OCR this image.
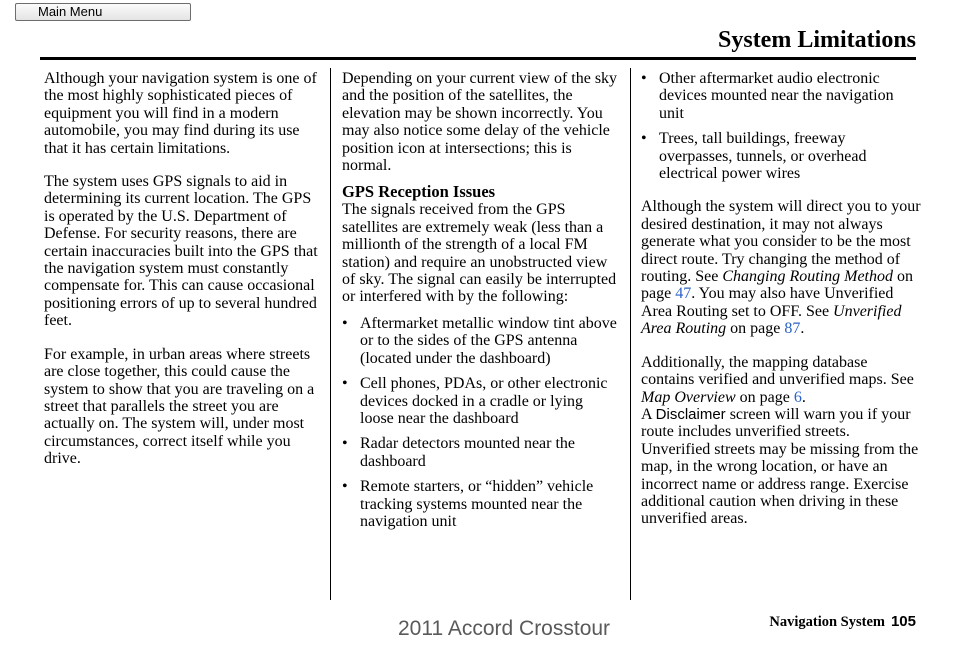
Main Menu
System Limitations

Although your navigation system is one of the most highly sophisticated pieces of equipment you will find in a modern automobile, you may find during its use that it has certain limitations.

The system uses GPS signals to aid in determining its current location. The GPS is operated by the U.S. Department of Defense. For security reasons, there are certain inaccuracies built into the GPS that the navigation system must constantly compensate for. This can cause occasional positioning errors of up to several hundred feet.

For example, in urban areas where streets are close together, this could cause the system to show that you are traveling on a street that parallels the street you are actually on. The system will, under most circumstances, correct itself while you drive.

Depending on your current view of the sky and the position of the satellites, the elevation may be shown incorrectly. You may also notice some delay of the vehicle position icon at intersections; this is normal.

GPS Reception Issues

The signals received from the GPS satellites are extremely weak (less than a millionth of the strength of a local FM station) and require an unobstructed view of sky. The signal can easily be interrupted or interfered with by the following:

• Aftermarket metallic window tint above or to the sides of the GPS antenna (located under the dashboard)
• Cell phones, PDAs, or other electronic devices docked in a cradle or lying loose near the dashboard
• Radar detectors mounted near the dashboard
• Remote starters, or “hidden” vehicle tracking systems mounted near the navigation unit
• Other aftermarket audio electronic devices mounted near the navigation unit
• Trees, tall buildings, freeway overpasses, tunnels, or overhead electrical power wires

Although the system will direct you to your desired destination, it may not always generate what you consider to be the most direct route. Try changing the method of routing. See Changing Routing Method on page 47. You may also have Unverified Area Routing set to OFF. See Unverified Area Routing on page 87.

Additionally, the mapping database contains verified and unverified maps. See Map Overview on page 6.

A Disclaimer screen will warn you if your route includes unverified streets. Unverified streets may be missing from the map, in the wrong location, or have an incorrect name or address range. Exercise additional caution when driving in these unverified areas.

Navigation System 105
2011 Accord Crosstour
